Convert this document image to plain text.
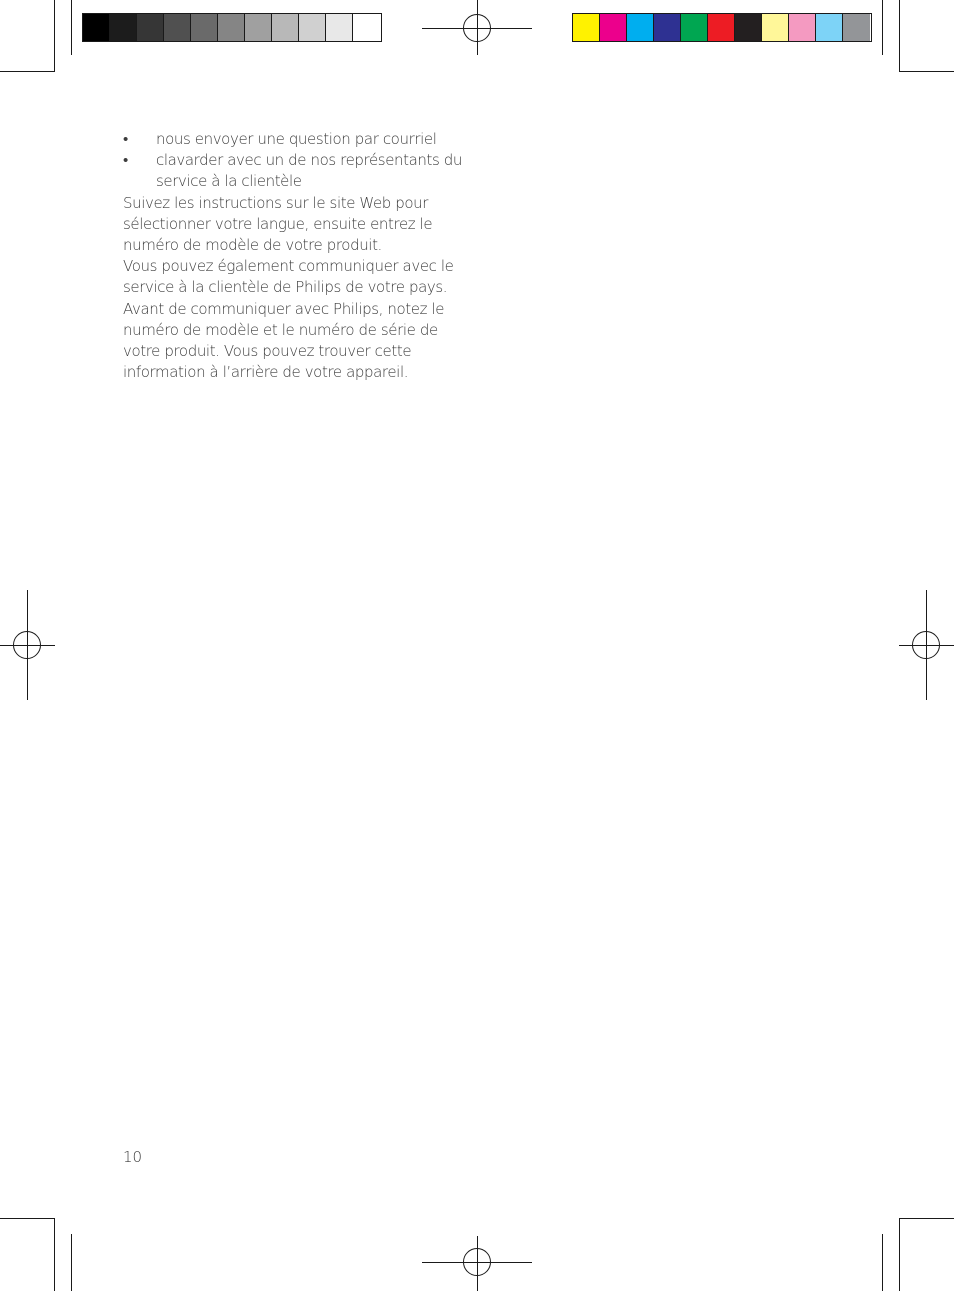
• nous envoyer une question par courriel
• clavarder avec un de nos représentants du service à la clientèle

Suivez les instructions sur le site Web pour sélectionner votre langue, ensuite entrez le numéro de modèle de votre produit.

Vous pouvez également communiquer avec le service à la clientèle de Philips de votre pays. Avant de communiquer avec Philips, notez le numéro de modèle et le numéro de série de votre produit. Vous pouvez trouver cette information à l’arrière de votre appareil.

10
